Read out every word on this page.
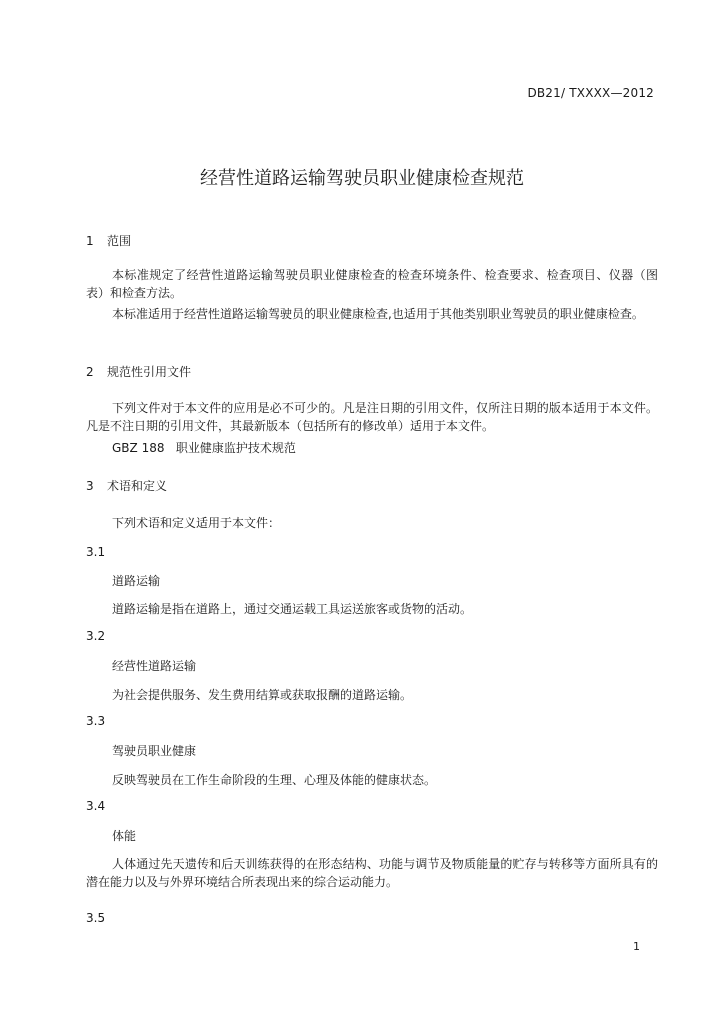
DB21/ TXXXX—2012
经营性道路运输驾驶员职业健康检查规范
1 范围
本标准规定了经营性道路运输驾驶员职业健康检查的检查环境条件、检查要求、检查项目、仪器（图表）和检查方法。
本标准适用于经营性道路运输驾驶员的职业健康检查,也适用于其他类别职业驾驶员的职业健康检查。
2 规范性引用文件
下列文件对于本文件的应用是必不可少的。凡是注日期的引用文件，仅所注日期的版本适用于本文件。凡是不注日期的引用文件，其最新版本（包括所有的修改单）适用于本文件。
GBZ 188   职业健康监护技术规范
3 术语和定义
下列术语和定义适用于本文件：
3.1
道路运输
道路运输是指在道路上，通过交通运载工具运送旅客或货物的活动。
3.2
经营性道路运输
为社会提供服务、发生费用结算或获取报酬的道路运输。
3.3
驾驶员职业健康
反映驾驶员在工作生命阶段的生理、心理及体能的健康状态。
3.4
体能
人体通过先天遗传和后天训练获得的在形态结构、功能与调节及物质能量的贮存与转移等方面所具有的潜在能力以及与外界环境结合所表现出来的综合运动能力。
3.5
1
